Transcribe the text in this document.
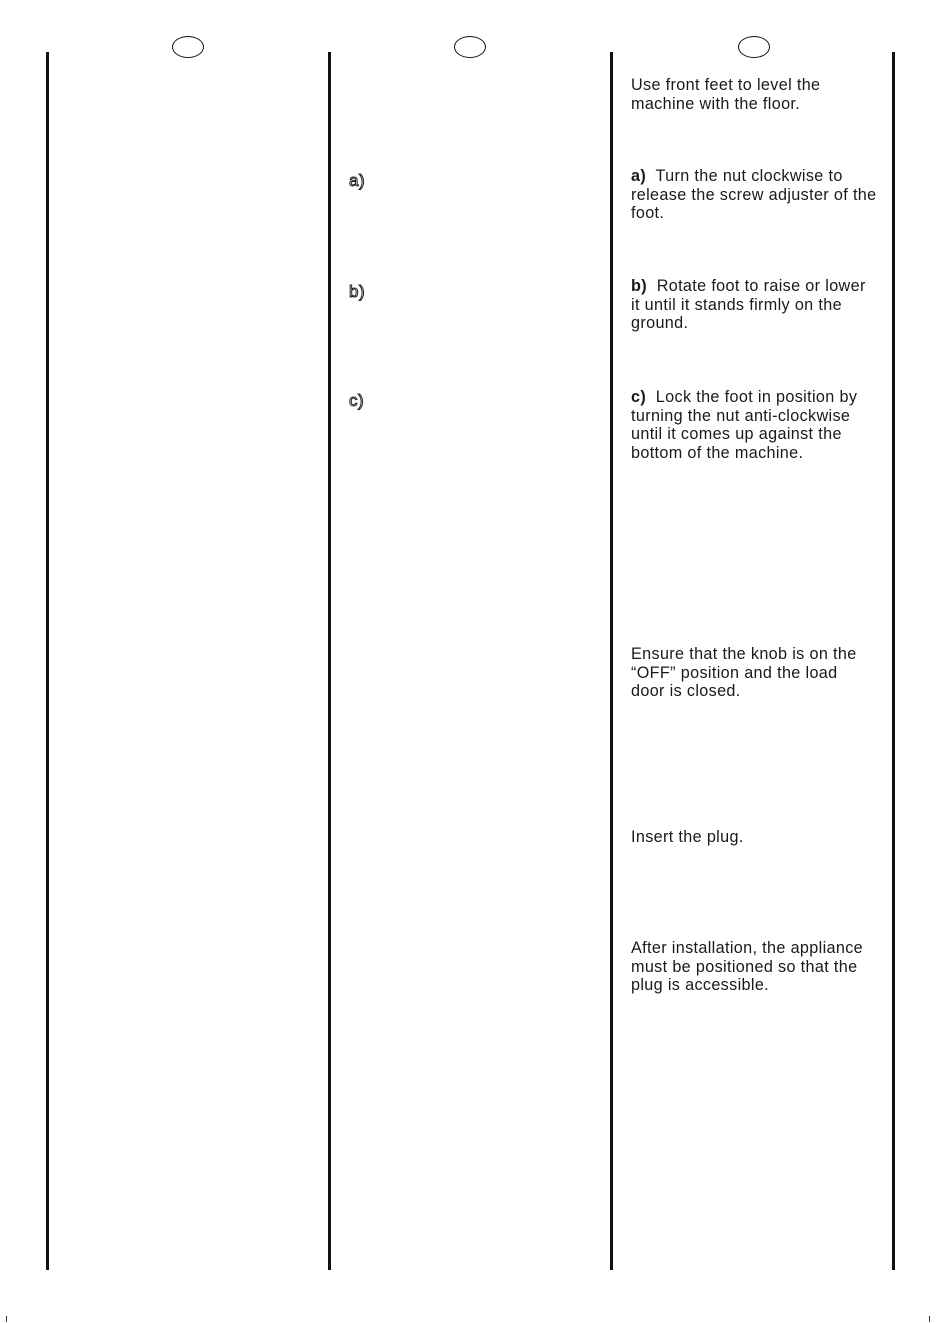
a)
b)
c)

Use front feet to level the machine with the floor.

a) Turn the nut clockwise to release the screw adjuster of the foot.

b) Rotate foot to raise or lower it until it stands firmly on the ground.

c) Lock the foot in position by turning the nut anti-clockwise until it comes up against the bottom of the machine.

Ensure that the knob is on the “OFF” position and the load door is closed.

Insert the plug.

After installation, the appliance must be positioned so that the plug is accessible.
